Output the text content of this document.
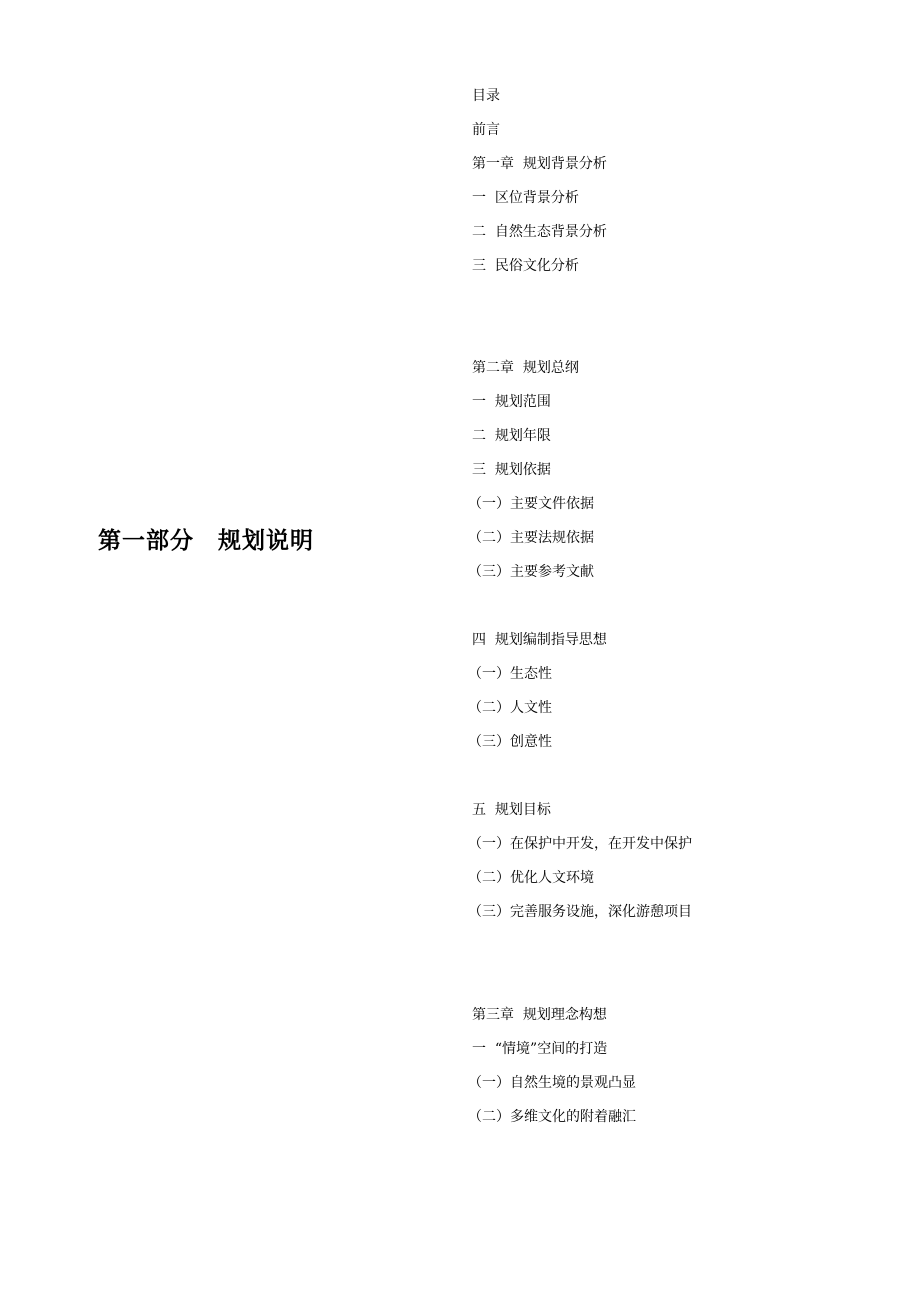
第一部分　规划说明
目录
前言
第一章  规划背景分析
一  区位背景分析
二  自然生态背景分析
三  民俗文化分析
第二章  规划总纲
一  规划范围
二  规划年限
三  规划依据
（一）主要文件依据
（二）主要法规依据
（三）主要参考文献
四  规划编制指导思想
（一）生态性
（二）人文性
（三）创意性
五  规划目标
（一）在保护中开发，在开发中保护
（二）优化人文环境
（三）完善服务设施，深化游憩项目
第三章  规划理念构想
一  “情境”空间的打造
（一）自然生境的景观凸显
（二）多维文化的附着融汇
